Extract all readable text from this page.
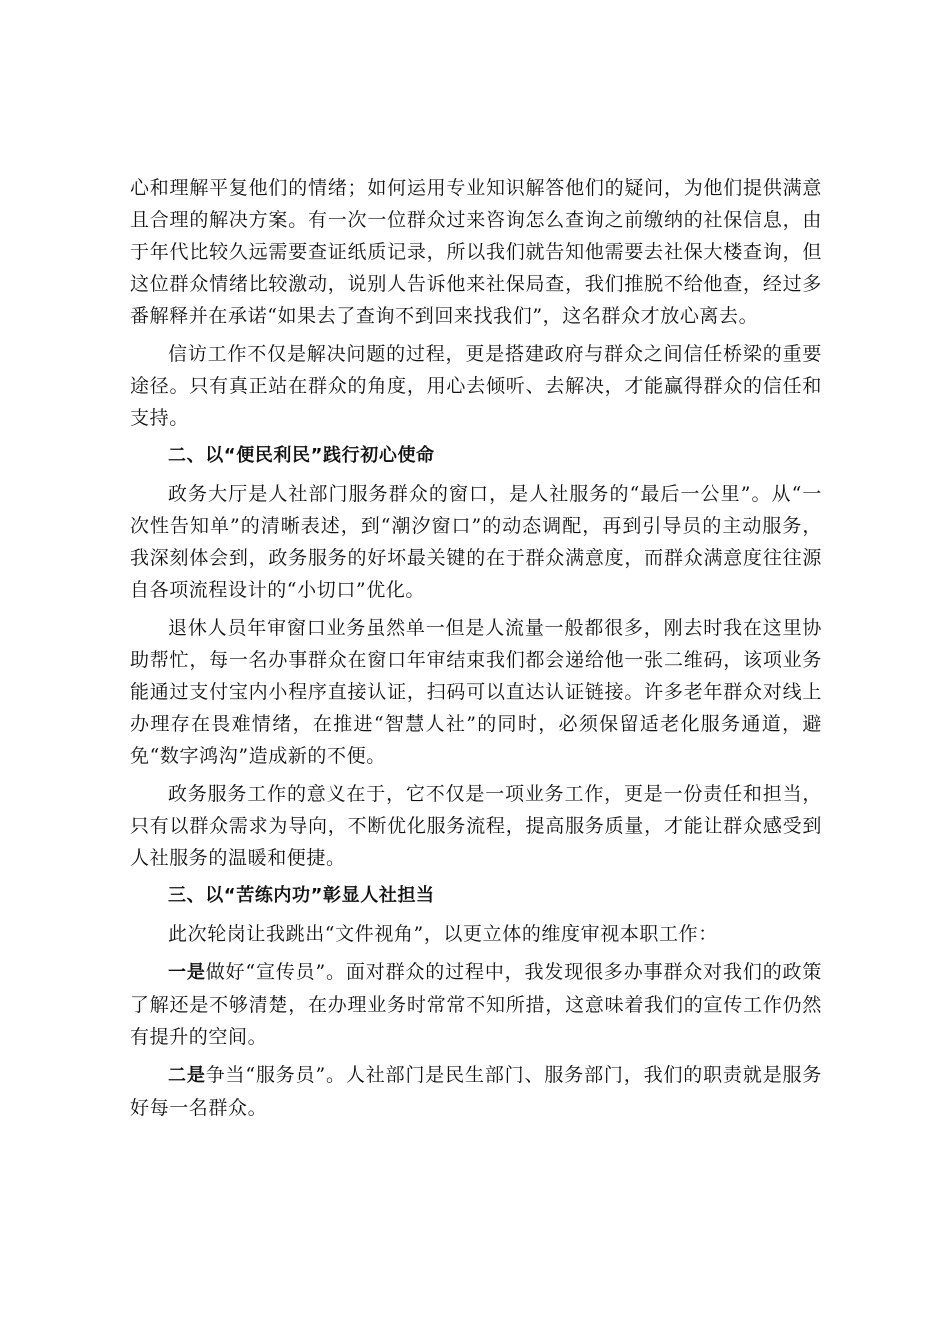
心和理解平复他们的情绪；如何运用专业知识解答他们的疑问，为他们提供满意且合理的解决方案。有一次一位群众过来咨询怎么查询之前缴纳的社保信息，由于年代比较久远需要查证纸质记录，所以我们就告知他需要去社保大楼查询，但这位群众情绪比较激动，说别人告诉他来社保局查，我们推脱不给他查，经过多番解释并在承诺“如果去了查询不到回来找我们”，这名群众才放心离去。

信访工作不仅是解决问题的过程，更是搭建政府与群众之间信任桥梁的重要途径。只有真正站在群众的角度，用心去倾听、去解决，才能赢得群众的信任和支持。

二、以“便民利民”践行初心使命

政务大厅是人社部门服务群众的窗口，是人社服务的“最后一公里”。从“一次性告知单”的清晰表述，到“潮汐窗口”的动态调配，再到引导员的主动服务，我深刻体会到，政务服务的好坏最关键的在于群众满意度，而群众满意度往往源自各项流程设计的“小切口”优化。

退休人员年审窗口业务虽然单一但是人流量一般都很多，刚去时我在这里协助帮忙，每一名办事群众在窗口年审结束我们都会递给他一张二维码，该项业务能通过支付宝内小程序直接认证，扫码可以直达认证链接。许多老年群众对线上办理存在畏难情绪，在推进“智慧人社”的同时，必须保留适老化服务通道，避免“数字鸿沟”造成新的不便。

政务服务工作的意义在于，它不仅是一项业务工作，更是一份责任和担当，只有以群众需求为导向，不断优化服务流程，提高服务质量，才能让群众感受到人社服务的温暖和便捷。

三、以“苦练内功”彰显人社担当

此次轮岗让我跳出“文件视角”，以更立体的维度审视本职工作：

一是做好“宣传员”。面对群众的过程中，我发现很多办事群众对我们的政策了解还是不够清楚，在办理业务时常常不知所措，这意味着我们的宣传工作仍然有提升的空间。

二是争当“服务员”。人社部门是民生部门、服务部门，我们的职责就是服务好每一名群众。
